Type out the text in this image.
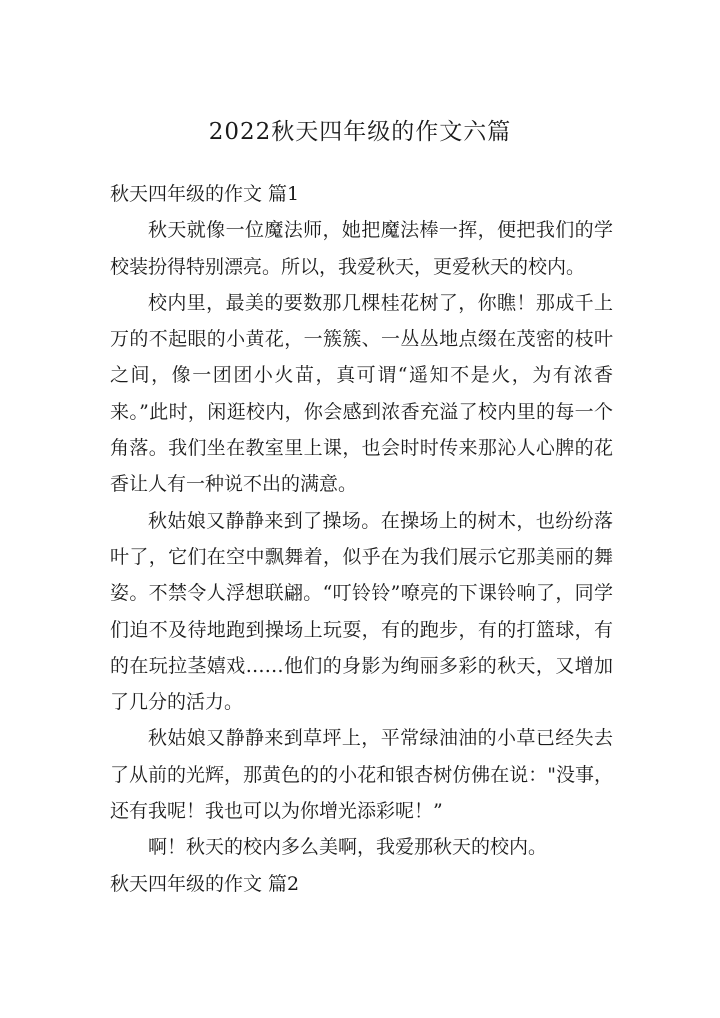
2022秋天四年级的作文六篇
秋天四年级的作文 篇1

秋天就像一位魔法师，她把魔法棒一挥，便把我们的学校装扮得特别漂亮。所以，我爱秋天，更爱秋天的校内。

校内里，最美的要数那几棵桂花树了，你瞧！那成千上万的不起眼的小黄花，一簇簇、一丛丛地点缀在茂密的枝叶之间，像一团团小火苗，真可谓“遥知不是火，为有浓香来。”此时，闲逛校内，你会感到浓香充溢了校内里的每一个角落。我们坐在教室里上课，也会时时传来那沁人心脾的花香让人有一种说不出的满意。

秋姑娘又静静来到了操场。在操场上的树木，也纷纷落叶了，它们在空中飘舞着，似乎在为我们展示它那美丽的舞姿。不禁令人浮想联翩。“叮铃铃”嘹亮的下课铃响了，同学们迫不及待地跑到操场上玩耍，有的跑步，有的打篮球，有的在玩拉茎嬉戏……他们的身影为绚丽多彩的秋天，又增加了几分的活力。

秋姑娘又静静来到草坪上，平常绿油油的小草已经失去了从前的光辉，那黄色的的小花和银杏树仿佛在说："没事，还有我呢！我也可以为你增光添彩呢！”

啊！秋天的校内多么美啊，我爱那秋天的校内。

秋天四年级的作文 篇2
